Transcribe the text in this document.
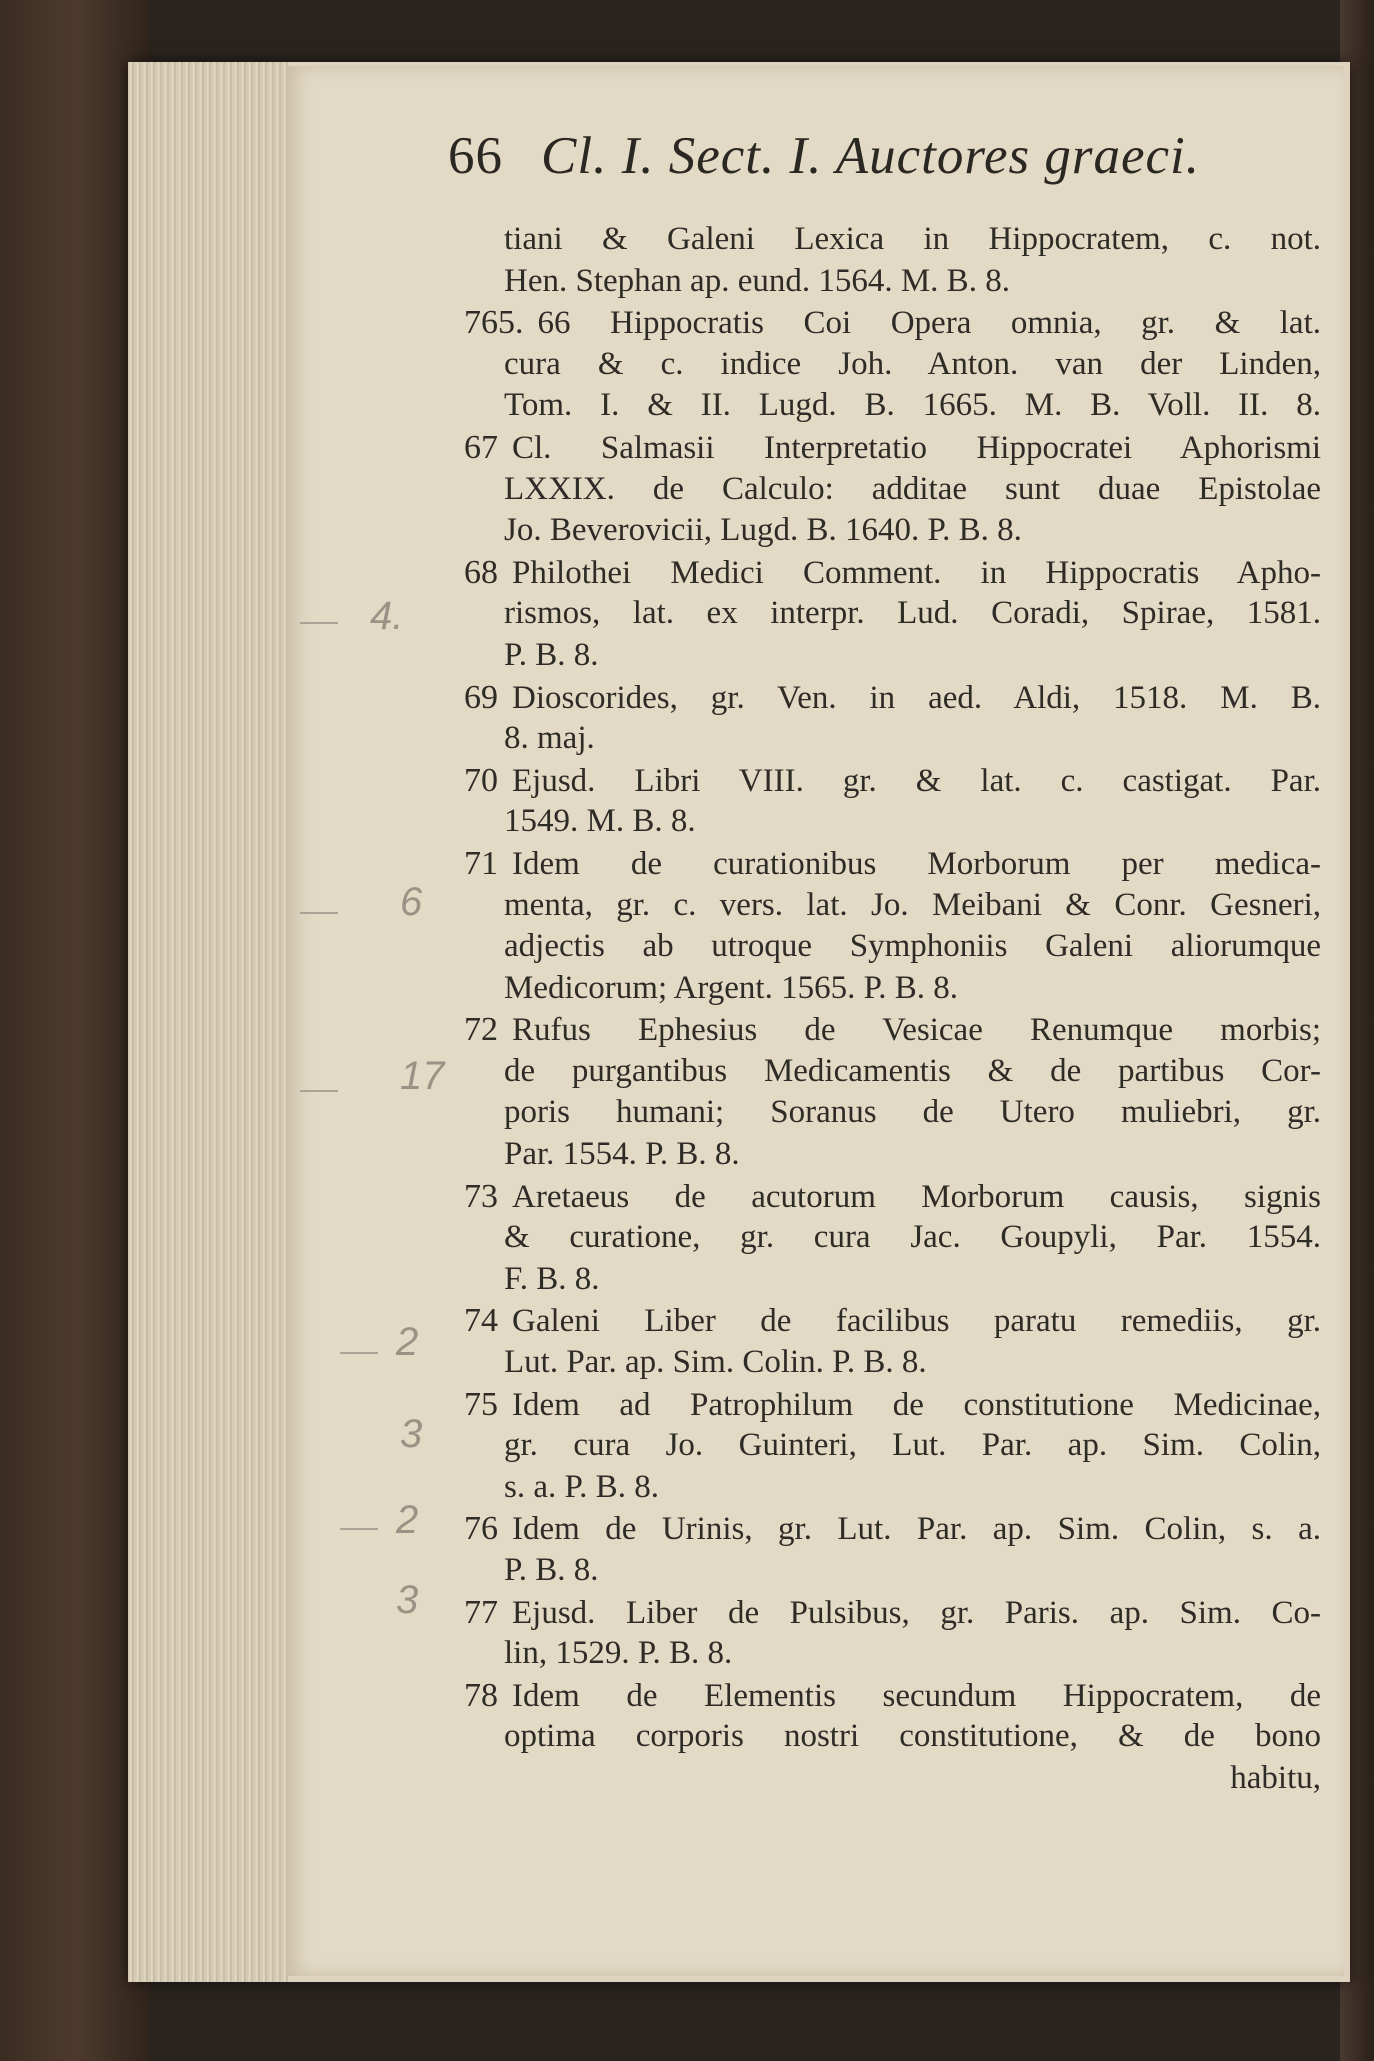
4.
6
17
2
3
2
3
66 Cl. I. Sect. I. Auctores graeci.
tiani & Galeni Lexica in Hippocratem, c. not.
Hen. Stephan ap. eund. 1564. M. B. 8.
765. 66 Hippocratis Coi Opera omnia, gr. & lat.
cura & c. indice Joh. Anton. van der Linden,
Tom. I. & II. Lugd. B. 1665. M. B. Voll. II. 8.
67 Cl. Salmasii Interpretatio Hippocratei Aphorismi
LXXIX. de Calculo: additae sunt duae Epistolae
Jo. Beverovicii, Lugd. B. 1640. P. B. 8.
68 Philothei Medici Comment. in Hippocratis Apho-
rismos, lat. ex interpr. Lud. Coradi, Spirae, 1581.
P. B. 8.
69 Dioscorides, gr. Ven. in aed. Aldi, 1518. M. B.
8. maj.
70 Ejusd. Libri VIII. gr. & lat. c. castigat. Par.
1549. M. B. 8.
71 Idem de curationibus Morborum per medica-
menta, gr. c. vers. lat. Jo. Meibani & Conr. Gesneri,
adjectis ab utroque Symphoniis Galeni aliorumque
Medicorum; Argent. 1565. P. B. 8.
72 Rufus Ephesius de Vesicae Renumque morbis;
de purgantibus Medicamentis & de partibus Cor-
poris humani; Soranus de Utero muliebri, gr.
Par. 1554. P. B. 8.
73 Aretaeus de acutorum Morborum causis, signis
& curatione, gr. cura Jac. Goupyli, Par. 1554.
F. B. 8.
74 Galeni Liber de facilibus paratu remediis, gr.
Lut. Par. ap. Sim. Colin. P. B. 8.
75 Idem ad Patrophilum de constitutione Medicinae,
gr. cura Jo. Guinteri, Lut. Par. ap. Sim. Colin,
s. a. P. B. 8.
76 Idem de Urinis, gr. Lut. Par. ap. Sim. Colin, s. a.
P. B. 8.
77 Ejusd. Liber de Pulsibus, gr. Paris. ap. Sim. Co-
lin, 1529. P. B. 8.
78 Idem de Elementis secundum Hippocratem, de
optima corporis nostri constitutione, & de bono
habitu,
